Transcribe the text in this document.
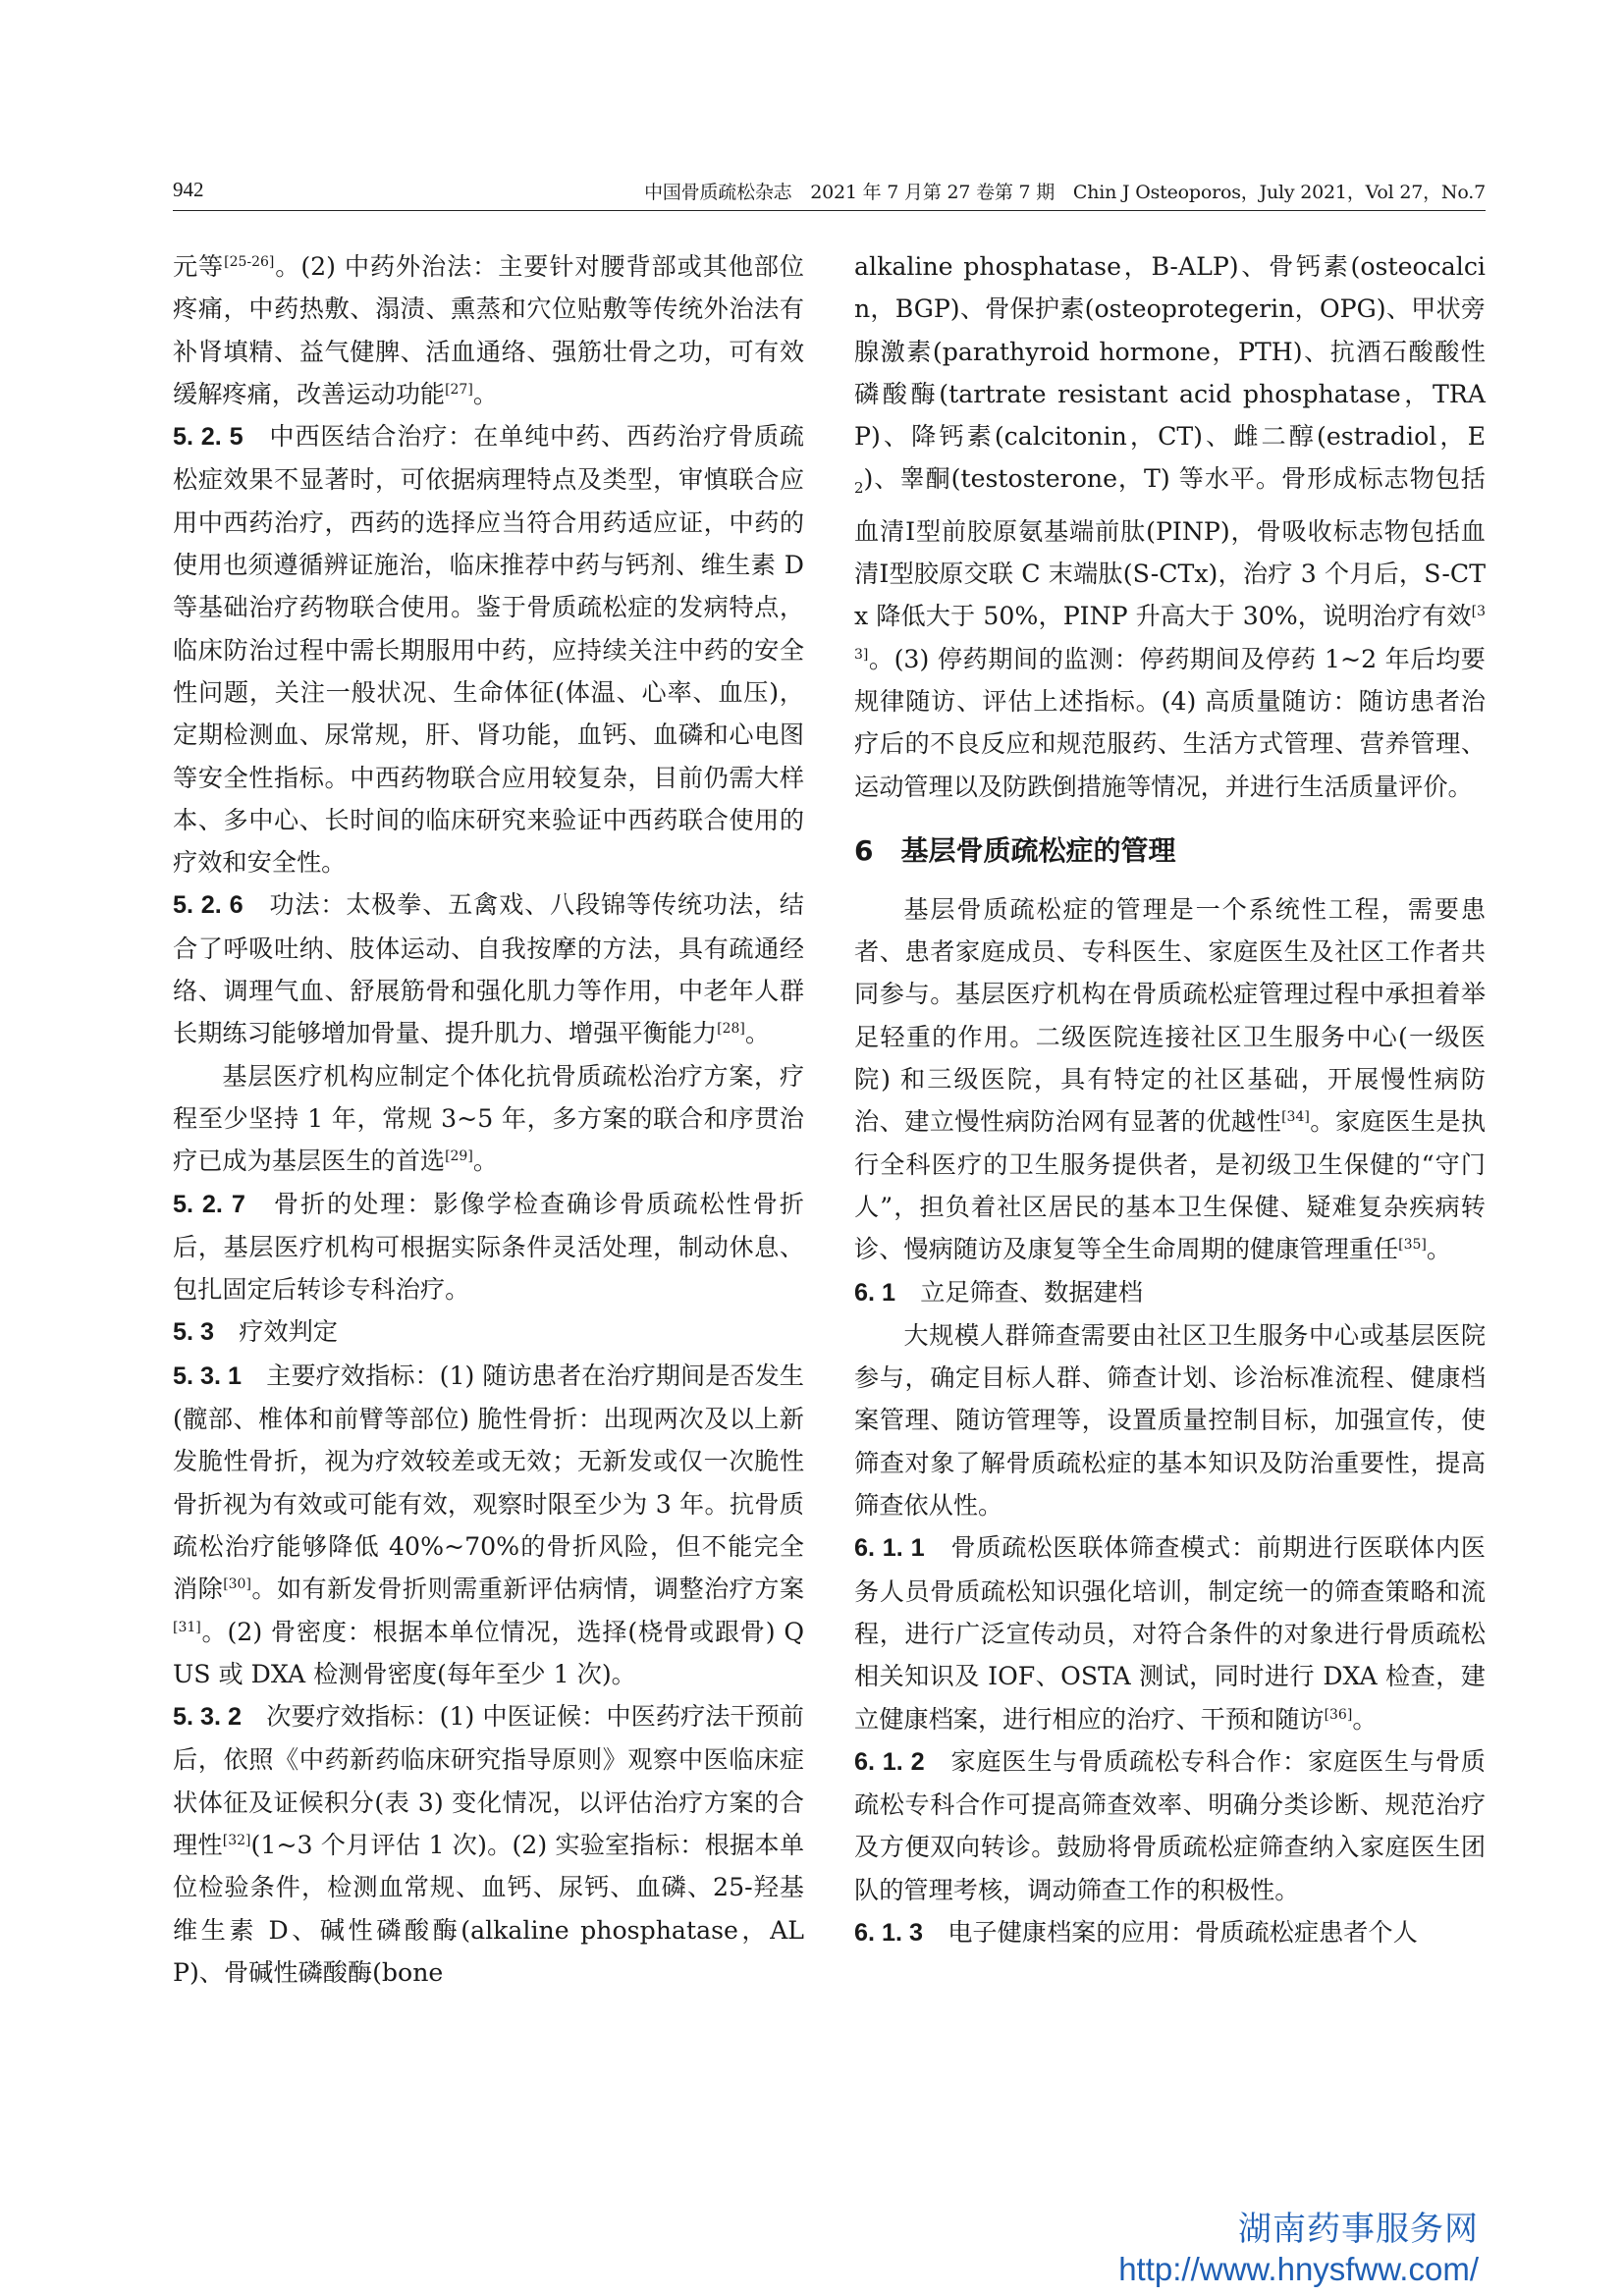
942	中国骨质疏松杂志　2021 年 7 月第 27 卷第 7 期　Chin J Osteoporos，July 2021，Vol 27，No.7

元等[25-26]。(2) 中药外治法：主要针对腰背部或其他部位疼痛，中药热敷、溻渍、熏蒸和穴位贴敷等传统外治法有补肾填精、益气健脾、活血通络、强筋壮骨之功，可有效缓解疼痛，改善运动功能[27]。

5. 2. 5　中西医结合治疗：在单纯中药、西药治疗骨质疏松症效果不显著时，可依据病理特点及类型，审慎联合应用中西药治疗，西药的选择应当符合用药适应证，中药的使用也须遵循辨证施治，临床推荐中药与钙剂、维生素 D 等基础治疗药物联合使用。鉴于骨质疏松症的发病特点，临床防治过程中需长期服用中药，应持续关注中药的安全性问题，关注一般状况、生命体征(体温、心率、血压)，定期检测血、尿常规，肝、肾功能，血钙、血磷和心电图等安全性指标。中西药物联合应用较复杂，目前仍需大样本、多中心、长时间的临床研究来验证中西药联合使用的疗效和安全性。

5. 2. 6　功法：太极拳、五禽戏、八段锦等传统功法，结合了呼吸吐纳、肢体运动、自我按摩的方法，具有疏通经络、调理气血、舒展筋骨和强化肌力等作用，中老年人群长期练习能够增加骨量、提升肌力、增强平衡能力[28]。

基层医疗机构应制定个体化抗骨质疏松治疗方案，疗程至少坚持 1 年，常规 3~5 年，多方案的联合和序贯治疗已成为基层医生的首选[29]。

5. 2. 7　骨折的处理：影像学检查确诊骨质疏松性骨折后，基层医疗机构可根据实际条件灵活处理，制动休息、包扎固定后转诊专科治疗。

5. 3　疗效判定

5. 3. 1　主要疗效指标：(1) 随访患者在治疗期间是否发生(髋部、椎体和前臂等部位) 脆性骨折：出现两次及以上新发脆性骨折，视为疗效较差或无效；无新发或仅一次脆性骨折视为有效或可能有效，观察时限至少为 3 年。抗骨质疏松治疗能够降低 40%~70%的骨折风险，但不能完全消除[30]。如有新发骨折则需重新评估病情，调整治疗方案[31]。(2) 骨密度：根据本单位情况，选择(桡骨或跟骨) QUS 或 DXA 检测骨密度(每年至少 1 次)。

5. 3. 2　次要疗效指标：(1) 中医证候：中医药疗法干预前后，依照《中药新药临床研究指导原则》观察中医临床症状体征及证候积分(表 3) 变化情况，以评估治疗方案的合理性[32](1~3 个月评估 1 次)。(2) 实验室指标：根据本单位检验条件，检测血常规、血钙、尿钙、血磷、25-羟基维生素 D、碱性磷酸酶(alkaline phosphatase，ALP)、骨碱性磷酸酶(bone

alkaline phosphatase，B-ALP)、骨钙素(osteocalcin，BGP)、骨保护素(osteoprotegerin，OPG)、甲状旁腺激素(parathyroid hormone，PTH)、抗酒石酸酸性磷酸酶(tartrate resistant acid phosphatase，TRAP)、降钙素(calcitonin，CT)、雌二醇(estradiol，$E_2$)、睾酮(testosterone，T) 等水平。骨形成标志物包括血清Ⅰ型前胶原氨基端前肽(PINP)，骨吸收标志物包括血清Ⅰ型胶原交联 C 末端肽(S-CTx)，治疗 3 个月后，S-CTx 降低大于 50%，PINP 升高大于 30%，说明治疗有效[33]。(3) 停药期间的监测：停药期间及停药 1~2 年后均要规律随访、评估上述指标。(4) 高质量随访：随访患者治疗后的不良反应和规范服药、生活方式管理、营养管理、运动管理以及防跌倒措施等情况，并进行生活质量评价。

6　基层骨质疏松症的管理

基层骨质疏松症的管理是一个系统性工程，需要患者、患者家庭成员、专科医生、家庭医生及社区工作者共同参与。基层医疗机构在骨质疏松症管理过程中承担着举足轻重的作用。二级医院连接社区卫生服务中心(一级医院) 和三级医院，具有特定的社区基础，开展慢性病防治、建立慢性病防治网有显著的优越性[34]。家庭医生是执行全科医疗的卫生服务提供者，是初级卫生保健的“守门人”，担负着社区居民的基本卫生保健、疑难复杂疾病转诊、慢病随访及康复等全生命周期的健康管理重任[35]。

6. 1　立足筛查、数据建档

大规模人群筛查需要由社区卫生服务中心或基层医院参与，确定目标人群、筛查计划、诊治标准流程、健康档案管理、随访管理等，设置质量控制目标，加强宣传，使筛查对象了解骨质疏松症的基本知识及防治重要性，提高筛查依从性。

6. 1. 1　骨质疏松医联体筛查模式：前期进行医联体内医务人员骨质疏松知识强化培训，制定统一的筛查策略和流程，进行广泛宣传动员，对符合条件的对象进行骨质疏松相关知识及 IOF、OSTA 测试，同时进行 DXA 检查，建立健康档案，进行相应的治疗、干预和随访[36]。

6. 1. 2　家庭医生与骨质疏松专科合作：家庭医生与骨质疏松专科合作可提高筛查效率、明确分类诊断、规范治疗及方便双向转诊。鼓励将骨质疏松症筛查纳入家庭医生团队的管理考核，调动筛查工作的积极性。

6. 1. 3　电子健康档案的应用：骨质疏松症患者个人

湖南药事服务网
http://www.hnysfww.com/
